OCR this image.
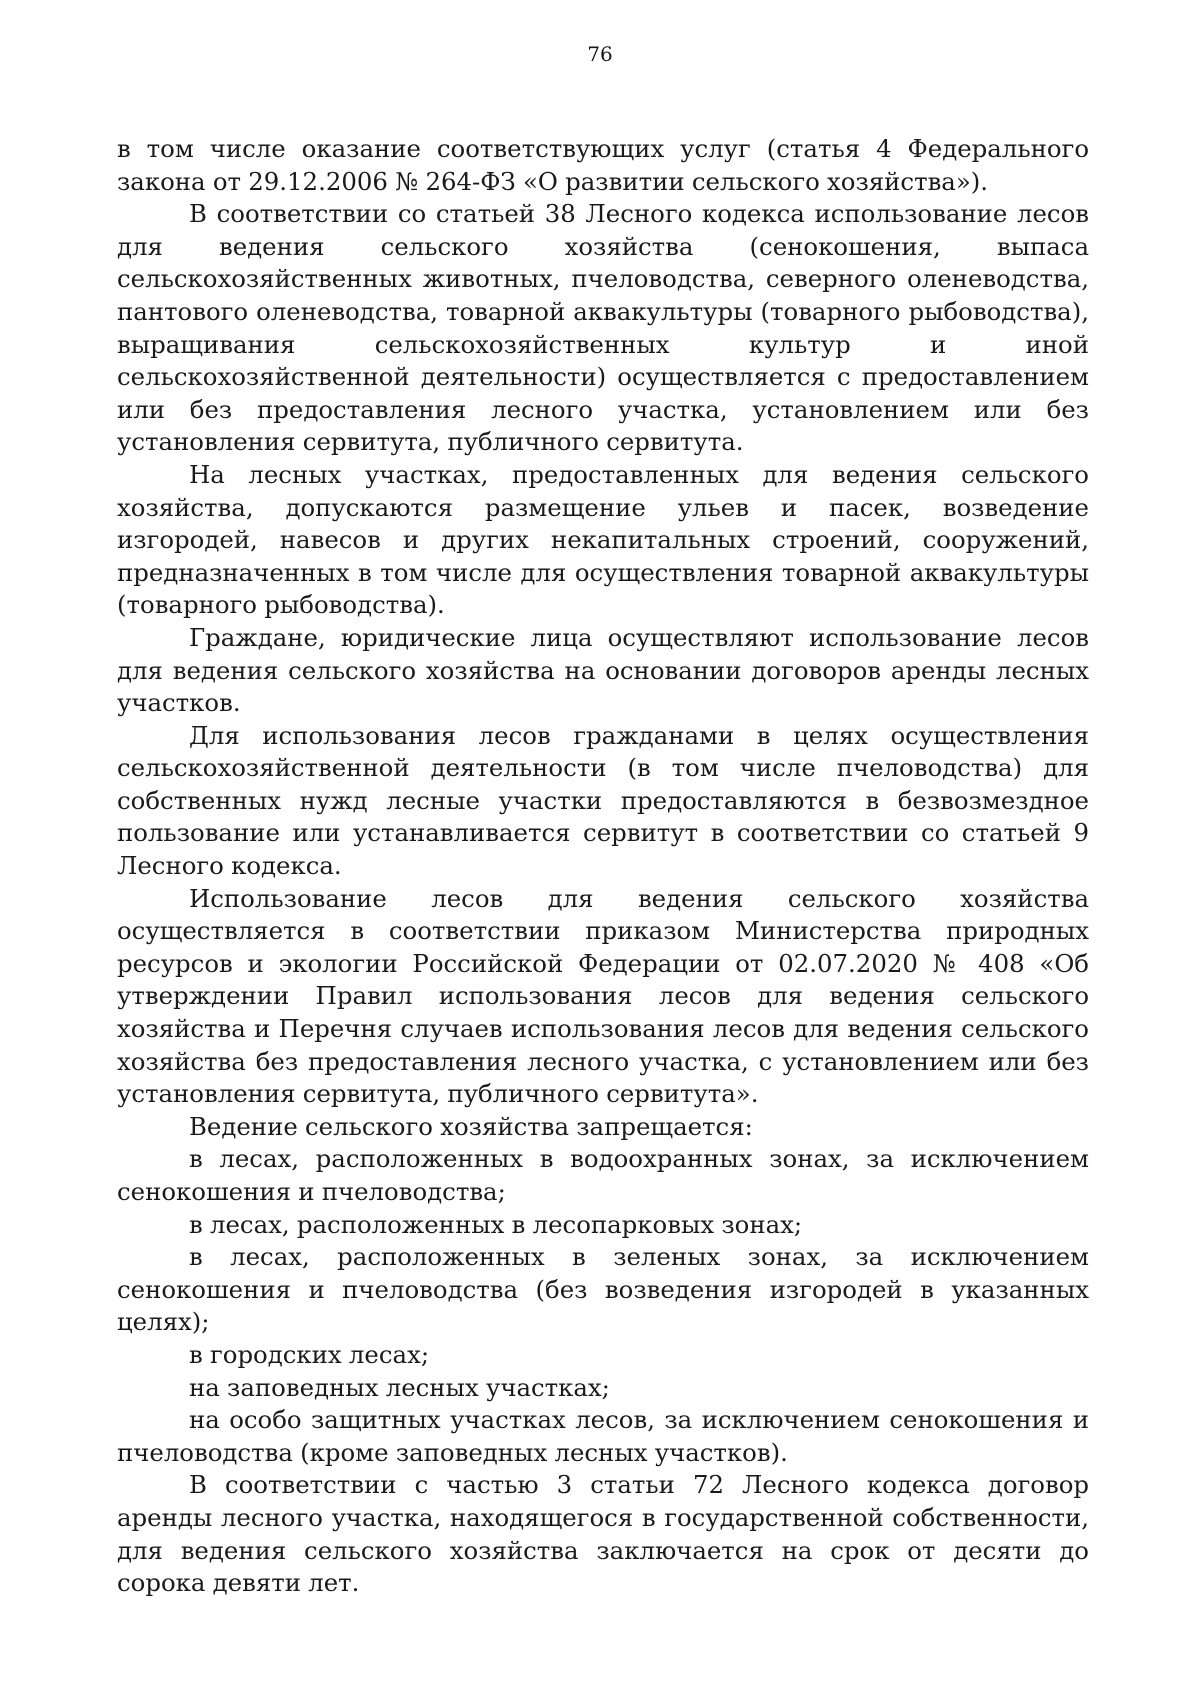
76

в том числе оказание соответствующих услуг (статья 4 Федерального закона от 29.12.2006 № 264-ФЗ «О развитии сельского хозяйства»).

В соответствии со статьей 38 Лесного кодекса использование лесов для ведения сельского хозяйства (сенокошения, выпаса сельскохозяйственных животных, пчеловодства, северного оленеводства, пантового оленеводства, товарной аквакультуры (товарного рыбоводства), выращивания сельскохозяйственных культур и иной сельскохозяйственной деятельности) осуществляется с предоставлением или без предоставления лесного участка, установлением или без установления сервитута, публичного сервитута.

На лесных участках, предоставленных для ведения сельского хозяйства, допускаются размещение ульев и пасек, возведение изгородей, навесов и других некапитальных строений, сооружений, предназначенных в том числе для осуществления товарной аквакультуры (товарного рыбоводства).

Граждане, юридические лица осуществляют использование лесов для ведения сельского хозяйства на основании договоров аренды лесных участков.

Для использования лесов гражданами в целях осуществления сельскохозяйственной деятельности (в том числе пчеловодства) для собственных нужд лесные участки предоставляются в безвозмездное пользование или устанавливается сервитут в соответствии со статьей 9 Лесного кодекса.

Использование лесов для ведения сельского хозяйства осуществляется в соответствии приказом Министерства природных ресурсов и экологии Российской Федерации от 02.07.2020 № 408 «Об утверждении Правил использования лесов для ведения сельского хозяйства и Перечня случаев использования лесов для ведения сельского хозяйства без предоставления лесного участка, с установлением или без установления сервитута, публичного сервитута».

Ведение сельского хозяйства запрещается:

в лесах, расположенных в водоохранных зонах, за исключением сенокошения и пчеловодства;

в лесах, расположенных в лесопарковых зонах;

в лесах, расположенных в зеленых зонах, за исключением сенокошения и пчеловодства (без возведения изгородей в указанных целях);

в городских лесах;

на заповедных лесных участках;

на особо защитных участках лесов, за исключением сенокошения и пчеловодства (кроме заповедных лесных участков).

В соответствии с частью 3 статьи 72 Лесного кодекса договор аренды лесного участка, находящегося в государственной собственности, для ведения сельского хозяйства заключается на срок от десяти до сорока девяти лет.
